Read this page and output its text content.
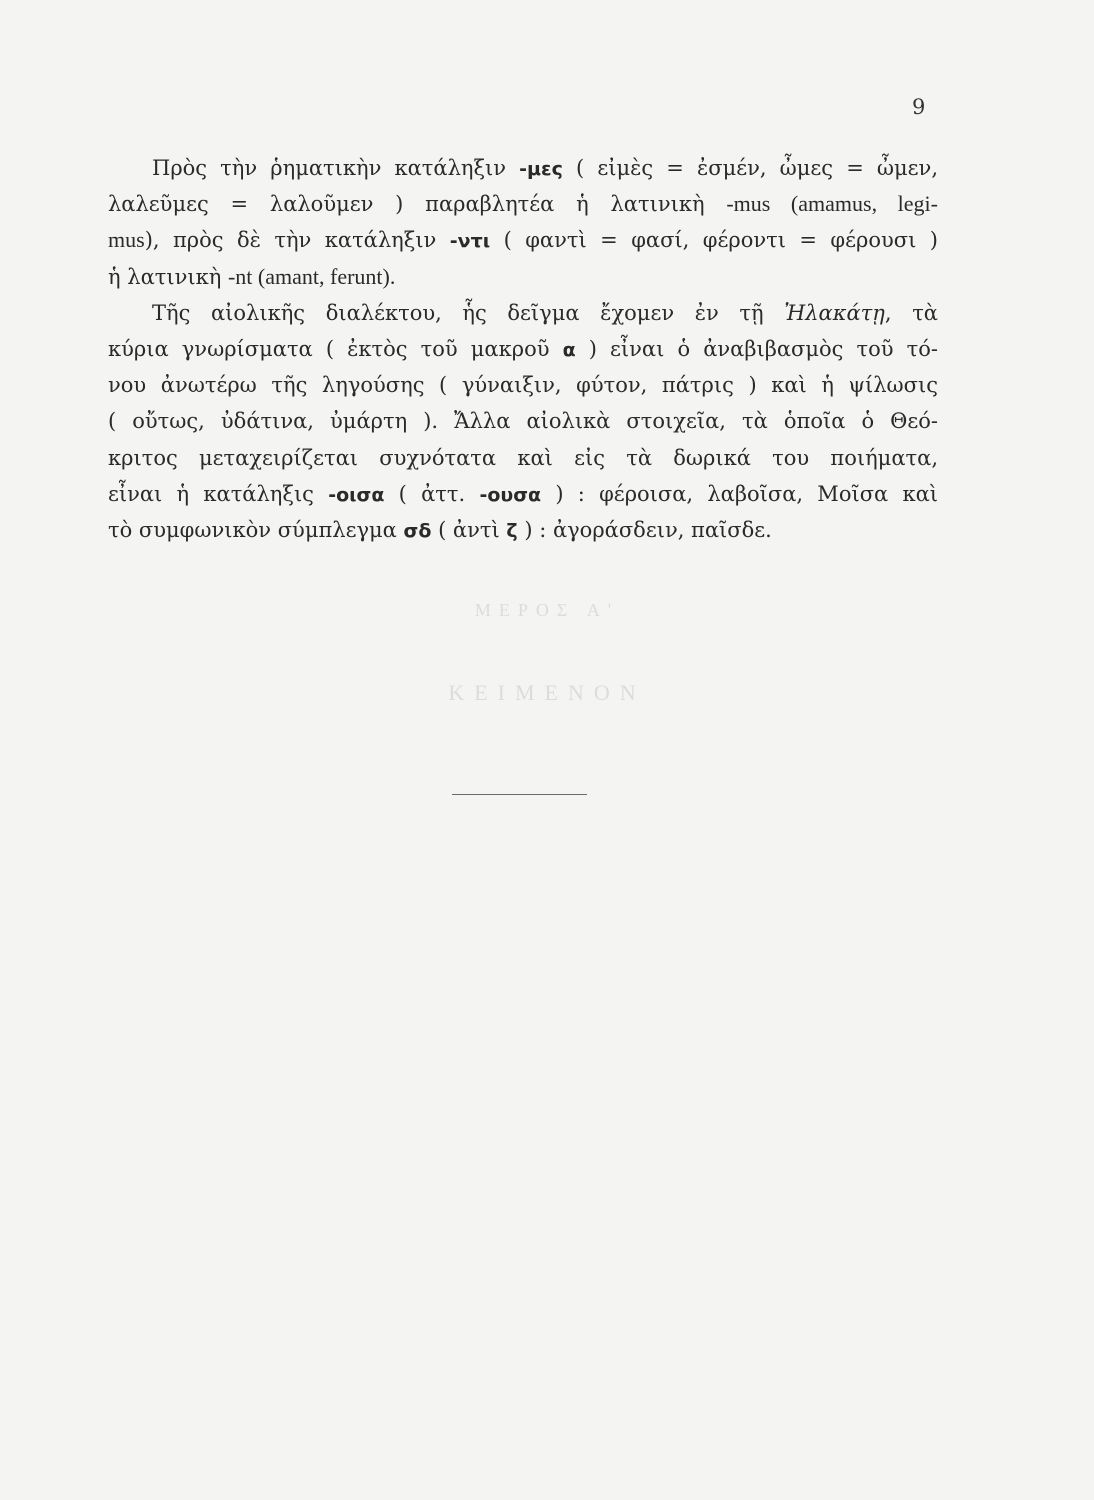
9
Πρὸς τὴν ῥηματικὴν κατάληξιν -μες ( εἰμὲς = ἐσμέν, ὦμες = ὦμεν,
λαλεῦμες = λαλοῦμεν ) παραβλητέα ἡ λατινικὴ -mus (amamus, legi-
mus), πρὸς δὲ τὴν κατάληξιν -ντι ( φαντὶ = φασί, φέροντι = φέρουσι )
ἡ λατινικὴ -nt (amant, ferunt).
Τῆς αἰολικῆς διαλέκτου, ἧς δεῖγμα ἔχομεν ἐν τῇ Ἠλακάτῃ, τὰ
κύρια γνωρίσματα ( ἐκτὸς τοῦ μακροῦ α ) εἶναι ὁ ἀναβιβασμὸς τοῦ τό-
νου ἀνωτέρω τῆς ληγούσης ( γύναιξιν, φύτον, πάτρις ) καὶ ἡ ψίλωσις
( οὔτως, ὐδάτινα, ὐμάρτη ). Ἄλλα αἰολικὰ στοιχεῖα, τὰ ὁποῖα ὁ Θεό-
κριτος μεταχειρίζεται συχνότατα καὶ εἰς τὰ δωρικά του ποιήματα,
εἶναι ἡ κατάληξις -οισα ( ἀττ. -ουσα ) : φέροισα, λαβοῖσα, Μοῖσα καὶ
τὸ συμφωνικὸν σύμπλεγμα σδ ( ἀντὶ ζ ) : ἀγοράσδειν, παῖσδε.
ΜΕΡΟΣ Α'
ΚΕΙΜΕΝΟΝ
